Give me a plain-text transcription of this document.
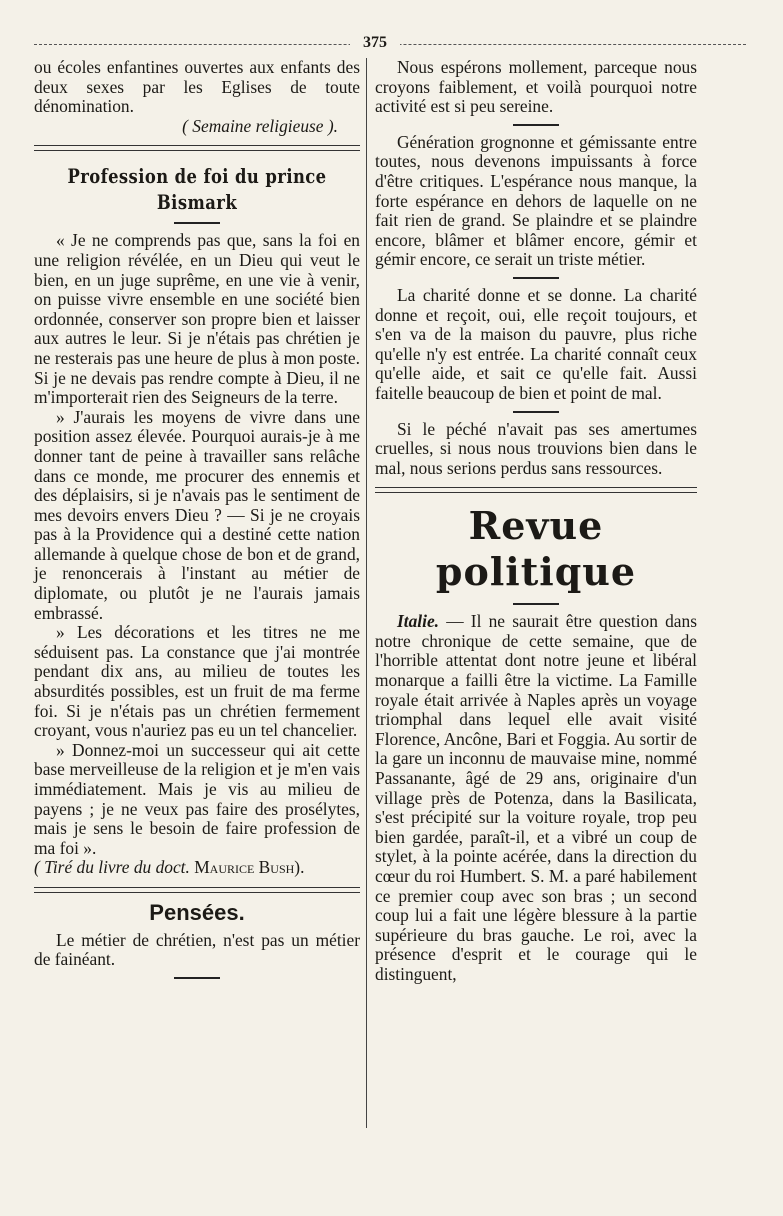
375

ou écoles enfantines ouvertes aux enfants des deux sexes par les Eglises de toute dénomination.

( Semaine religieuse ).

Profession de foi du prince Bismark

« Je ne comprends pas que, sans la foi en une religion révélée, en un Dieu qui veut le bien, en un juge suprême, en une vie à venir, on puisse vivre ensemble en une société bien ordonnée, conserver son propre bien et laisser aux autres le leur. Si je n'étais pas chrétien je ne resterais pas une heure de plus à mon poste. Si je ne devais pas rendre compte à Dieu, il ne m'importerait rien des Seigneurs de la terre.

» J'aurais les moyens de vivre dans une position assez élevée. Pourquoi aurais-je à me donner tant de peine à travailler sans relâche dans ce monde, me procurer des ennemis et des déplaisirs, si je n'avais pas le sentiment de mes devoirs envers Dieu ? — Si je ne croyais pas à la Providence qui a destiné cette nation allemande à quelque chose de bon et de grand, je renoncerais à l'instant au métier de diplomate, ou plutôt je ne l'aurais jamais embrassé.

» Les décorations et les titres ne me séduisent pas. La constance que j'ai montrée pendant dix ans, au milieu de toutes les absurdités possibles, est un fruit de ma ferme foi. Si je n'étais pas un chrétien fermement croyant, vous n'auriez pas eu un tel chancelier.

» Donnez-moi un successeur qui ait cette base merveilleuse de la religion et je m'en vais immédiatement. Mais je vis au milieu de payens ; je ne veux pas faire des prosélytes, mais je sens le besoin de faire profession de ma foi ».

( Tiré du livre du doct. Maurice Bush).

Pensées.

Le métier de chrétien, n'est pas un métier de fainéant.

Nous espérons mollement, parceque nous croyons faiblement, et voilà pourquoi notre activité est si peu sereine.

Génération grognonne et gémissante entre toutes, nous devenons impuissants à force d'être critiques. L'espérance nous manque, la forte espérance en dehors de laquelle on ne fait rien de grand. Se plaindre et se plaindre encore, blâmer et blâmer encore, gémir et gémir encore, ce serait un triste métier.

La charité donne et se donne. La charité donne et reçoit, oui, elle reçoit toujours, et s'en va de la maison du pauvre, plus riche qu'elle n'y est entrée. La charité connaît ceux qu'elle aide, et sait ce qu'elle fait. Aussi faitelle beaucoup de bien et point de mal.

Si le péché n'avait pas ses amertumes cruelles, si nous nous trouvions bien dans le mal, nous serions perdus sans ressources.

Revue politique

Italie. — Il ne saurait être question dans notre chronique de cette semaine, que de l'horrible attentat dont notre jeune et libéral monarque a failli être la victime. La Famille royale était arrivée à Naples après un voyage triomphal dans lequel elle avait visité Florence, Ancône, Bari et Foggia. Au sortir de la gare un inconnu de mauvaise mine, nommé Passanante, âgé de 29 ans, originaire d'un village près de Potenza, dans la Basilicata, s'est précipité sur la voiture royale, trop peu bien gardée, paraît-il, et a vibré un coup de stylet, à la pointe acérée, dans la direction du cœur du roi Humbert. S. M. a paré habilement ce premier coup avec son bras ; un second coup lui a fait une légère blessure à la partie supérieure du bras gauche. Le roi, avec la présence d'esprit et le courage qui le distinguent,
